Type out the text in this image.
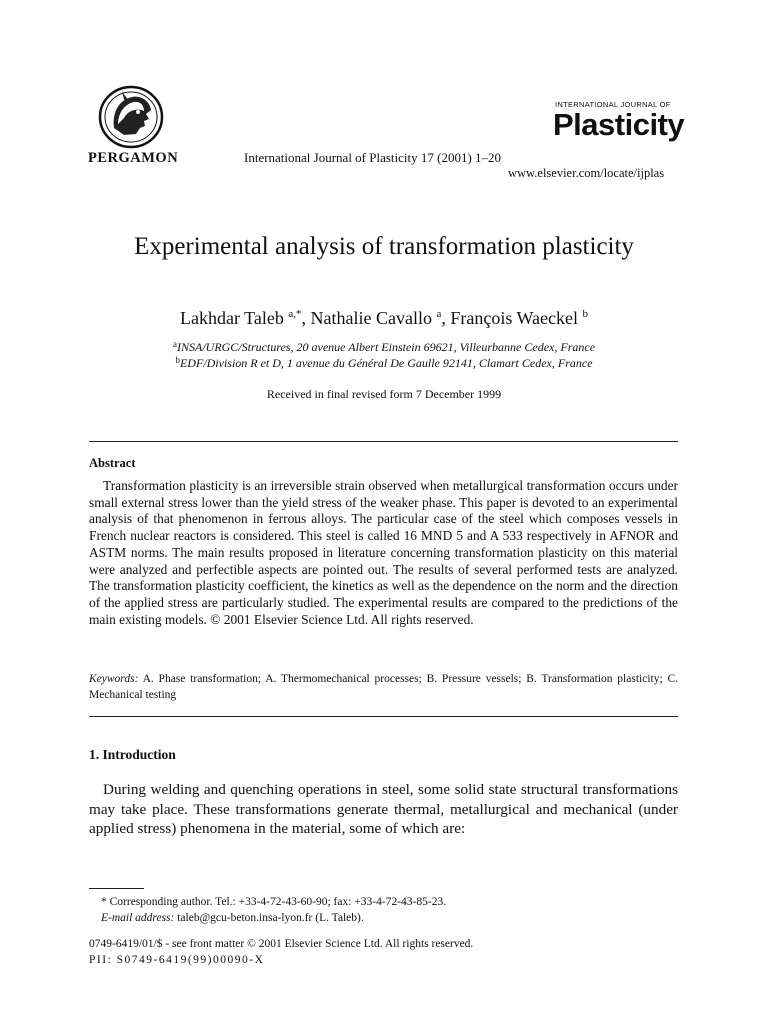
PERGAMON	International Journal of Plasticity 17 (2001) 1–20
INTERNATIONAL JOURNAL OF
Plasticity
www.elsevier.com/locate/ijplas
Experimental analysis of transformation plasticity
Lakhdar Taleb $^{a,*}$, Nathalie Cavallo $^a$, François Waeckel $^b$
$^a$INSA/URGC/Structures, 20 avenue Albert Einstein 69621, Villeurbanne Cedex, France
$^b$EDF/Division R et D, 1 avenue du Général De Gaulle 92141, Clamart Cedex, France
Received in final revised form 7 December 1999
Abstract
Transformation plasticity is an irreversible strain observed when metallurgical transformation occurs under small external stress lower than the yield stress of the weaker phase. This paper is devoted to an experimental analysis of that phenomenon in ferrous alloys. The particular case of the steel which composes vessels in French nuclear reactors is considered. This steel is called 16 MND 5 and A 533 respectively in AFNOR and ASTM norms. The main results proposed in literature concerning transformation plasticity on this material were analyzed and perfectible aspects are pointed out. The results of several performed tests are analyzed. The transformation plasticity coefficient, the kinetics as well as the dependence on the norm and the direction of the applied stress are particularly studied. The experimental results are compared to the predictions of the main existing models. © 2001 Elsevier Science Ltd. All rights reserved.
Keywords: A. Phase transformation; A. Thermomechanical processes; B. Pressure vessels; B. Transformation plasticity; C. Mechanical testing
1. Introduction
During welding and quenching operations in steel, some solid state structural transformations may take place. These transformations generate thermal, metallurgical and mechanical (under applied stress) phenomena in the material, some of which are:
* Corresponding author. Tel.: +33-4-72-43-60-90; fax: +33-4-72-43-85-23.
E-mail address: taleb@gcu-beton.insa-lyon.fr (L. Taleb).
0749-6419/01/$ - see front matter © 2001 Elsevier Science Ltd. All rights reserved.
PII: S0749-6419(99)00090-X
